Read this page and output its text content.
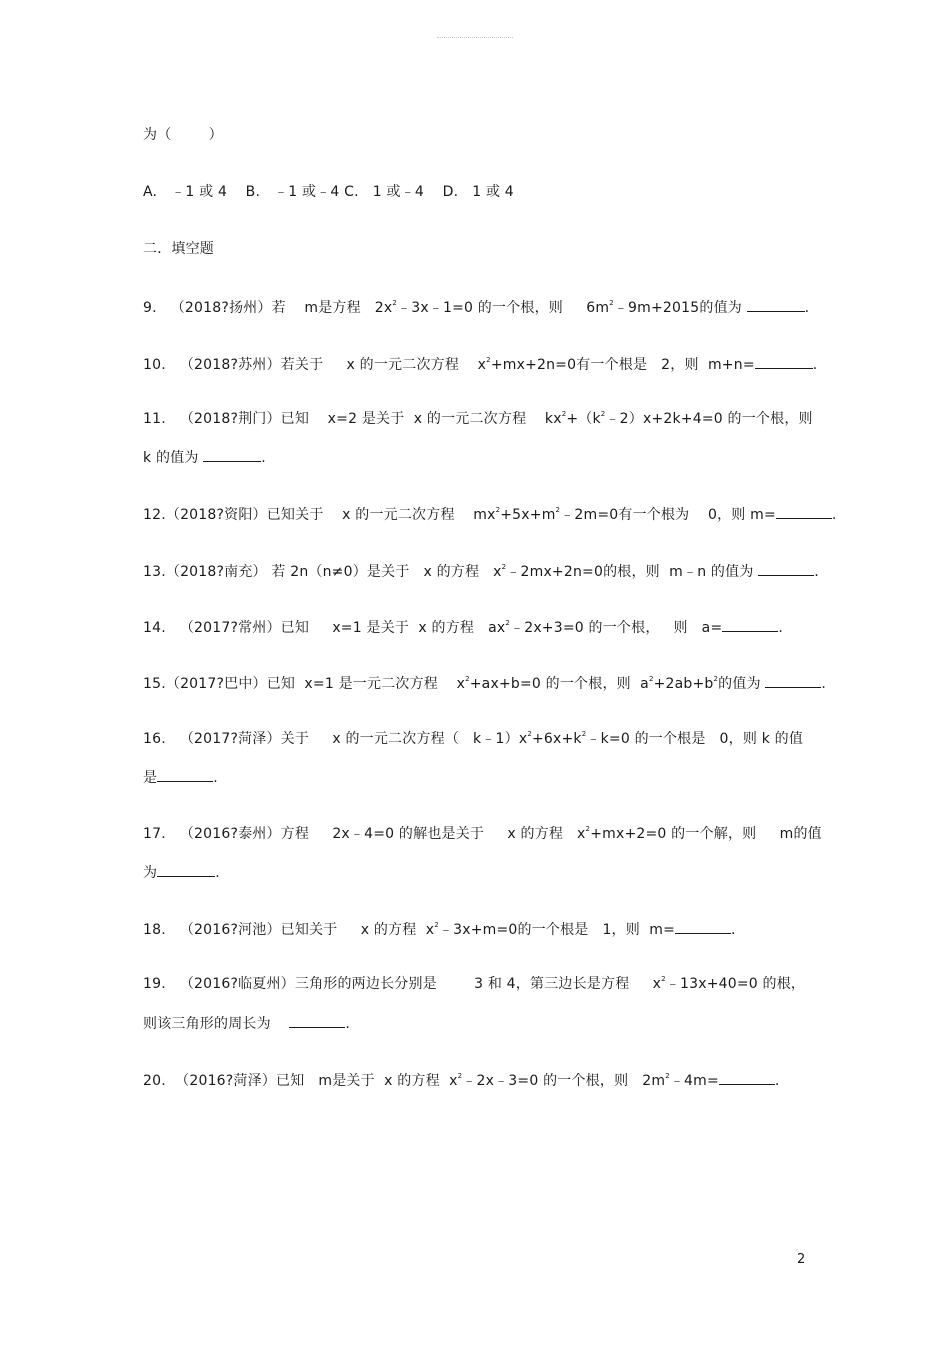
为（        ）
A.   ﹣1 或 4    B.   ﹣1 或﹣4 C.   1 或﹣4    D.   1 或 4
二．填空题
9.   （2018?扬州）若    m是方程   $2x^2﹣3x﹣1=0$ 的一个根，则     $6m^2﹣9m+2015$的值为	.
10.   （2018?苏州）若关于     x 的一元二次方程    $x^2+mx+2n=0$有一个根是   2，则  m+n=	.
11.   （2018?荆门）已知    x=2 是关于  x 的一元二次方程    $kx^2+(k^2﹣2)x+2k+4=0$ 的一个根，则
k 的值为	.
12.（2018?资阳）已知关于    x 的一元二次方程    $mx^2+5x+m^2﹣2m=0$有一个根为    0，则 m=	.
13.（2018?南充） 若 2n（n≠0）是关于   x 的方程   $x^2﹣2mx+2n=0$的根，则  m﹣n 的值为	.
14.   （2017?常州）已知     x=1 是关于  x 的方程   $ax^2﹣2x+3=0$ 的一个根，   则   a=	.
15.（2017?巴中）已知  x=1 是一元二次方程    $x^2+ax+b=0$ 的一个根，则  $a^2+2ab+b^2$的值为	.
16.   （2017?菏泽）关于     x 的一元二次方程（   $k﹣1)x^2+6x+k^2﹣k=0$ 的一个根是   0，则 k 的值
是	.
17.   （2016?泰州）方程     2x﹣4=0 的解也是关于     x 的方程   $x^2+mx+2=0$ 的一个解，则     m的值
为	.
18.   （2016?河池）已知关于     x 的方程  $x^2﹣3x+m=0$的一个根是   1，则  m=	.
19.   （2016?临夏州）三角形的两边长分别是        3 和 4，第三边长是方程     $x^2﹣13x+40=0$ 的根，
则该三角形的周长为	.
20.  （2016?菏泽）已知   m是关于  x 的方程  $x^2﹣2x﹣3=0$ 的一个根，则   $2m^2﹣4m=$	.
2
